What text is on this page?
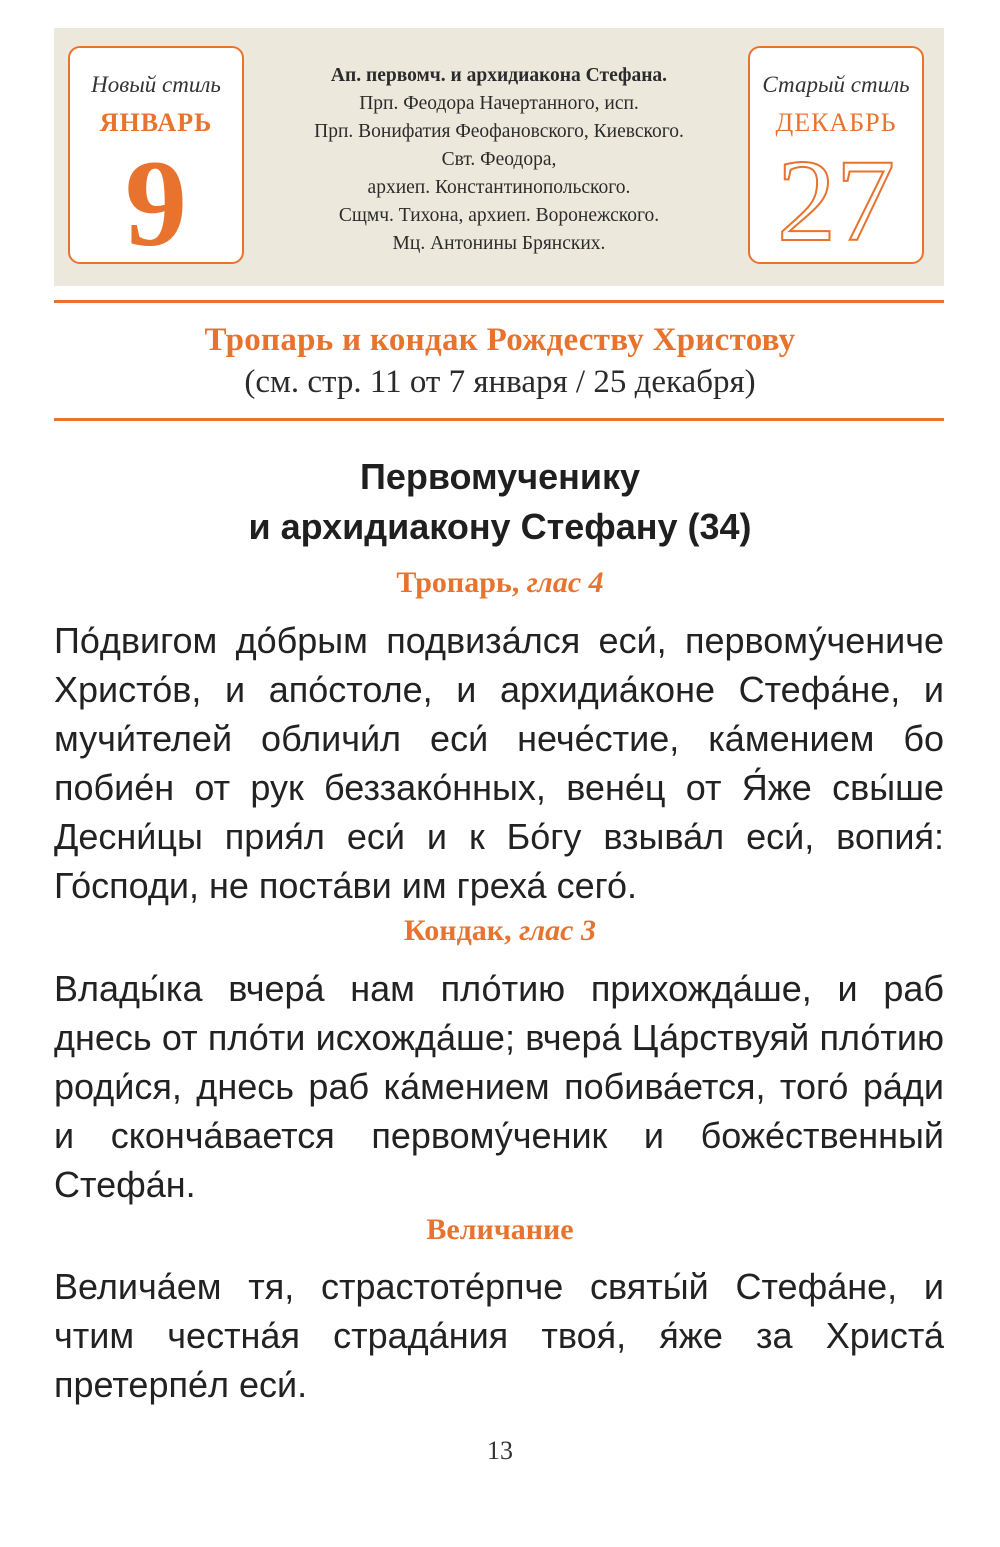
Новый стиль
ЯНВАРЬ
9
Ап. первомч. и архидиакона Стефана.
Прп. Феодора Начертанного, исп.
Прп. Вонифатия Феофановского, Киевского.
Свт. Феодора,
архиеп. Константинопольского.
Сщмч. Тихона, архиеп. Воронежского.
Мц. Антонины Брянских.
Старый стиль
ДЕКАБРЬ
27
Тропарь и кондак Рождеству Христову
(см. стр. 11 от 7 января / 25 декабря)
Первомученику
и архидиакону Стефану (34)
Тропарь, глас 4
По́двигом до́брым подвиза́лся еси́, первому́чениче Христо́в, и апо́столе, и архидиа́коне Стефа́не, и мучи́телей обличи́л еси́ нече́стие, ка́мением бо побие́н от рук беззако́нных, вене́ц от Я́же свы́ше Десни́цы прия́л еси́ и к Бо́гу взыва́л еси́, вопия́: Го́споди, не поста́ви им греха́ сего́.
Кондак, глас 3
Влады́ка вчера́ нам пло́тию прихожда́ше, и раб днесь от пло́ти исхожда́ше; вчера́ Ца́рствуяй пло́тию роди́ся, днесь раб ка́мением побива́ется, того́ ра́ди и сконча́вается первому́ченик и боже́ственный Стефа́н.
Величание
Велича́ем тя, страстоте́рпче святы́й Стефа́не, и чтим честна́я страда́ния твоя́, я́же за Христа́ претерпе́л еси́.
13
